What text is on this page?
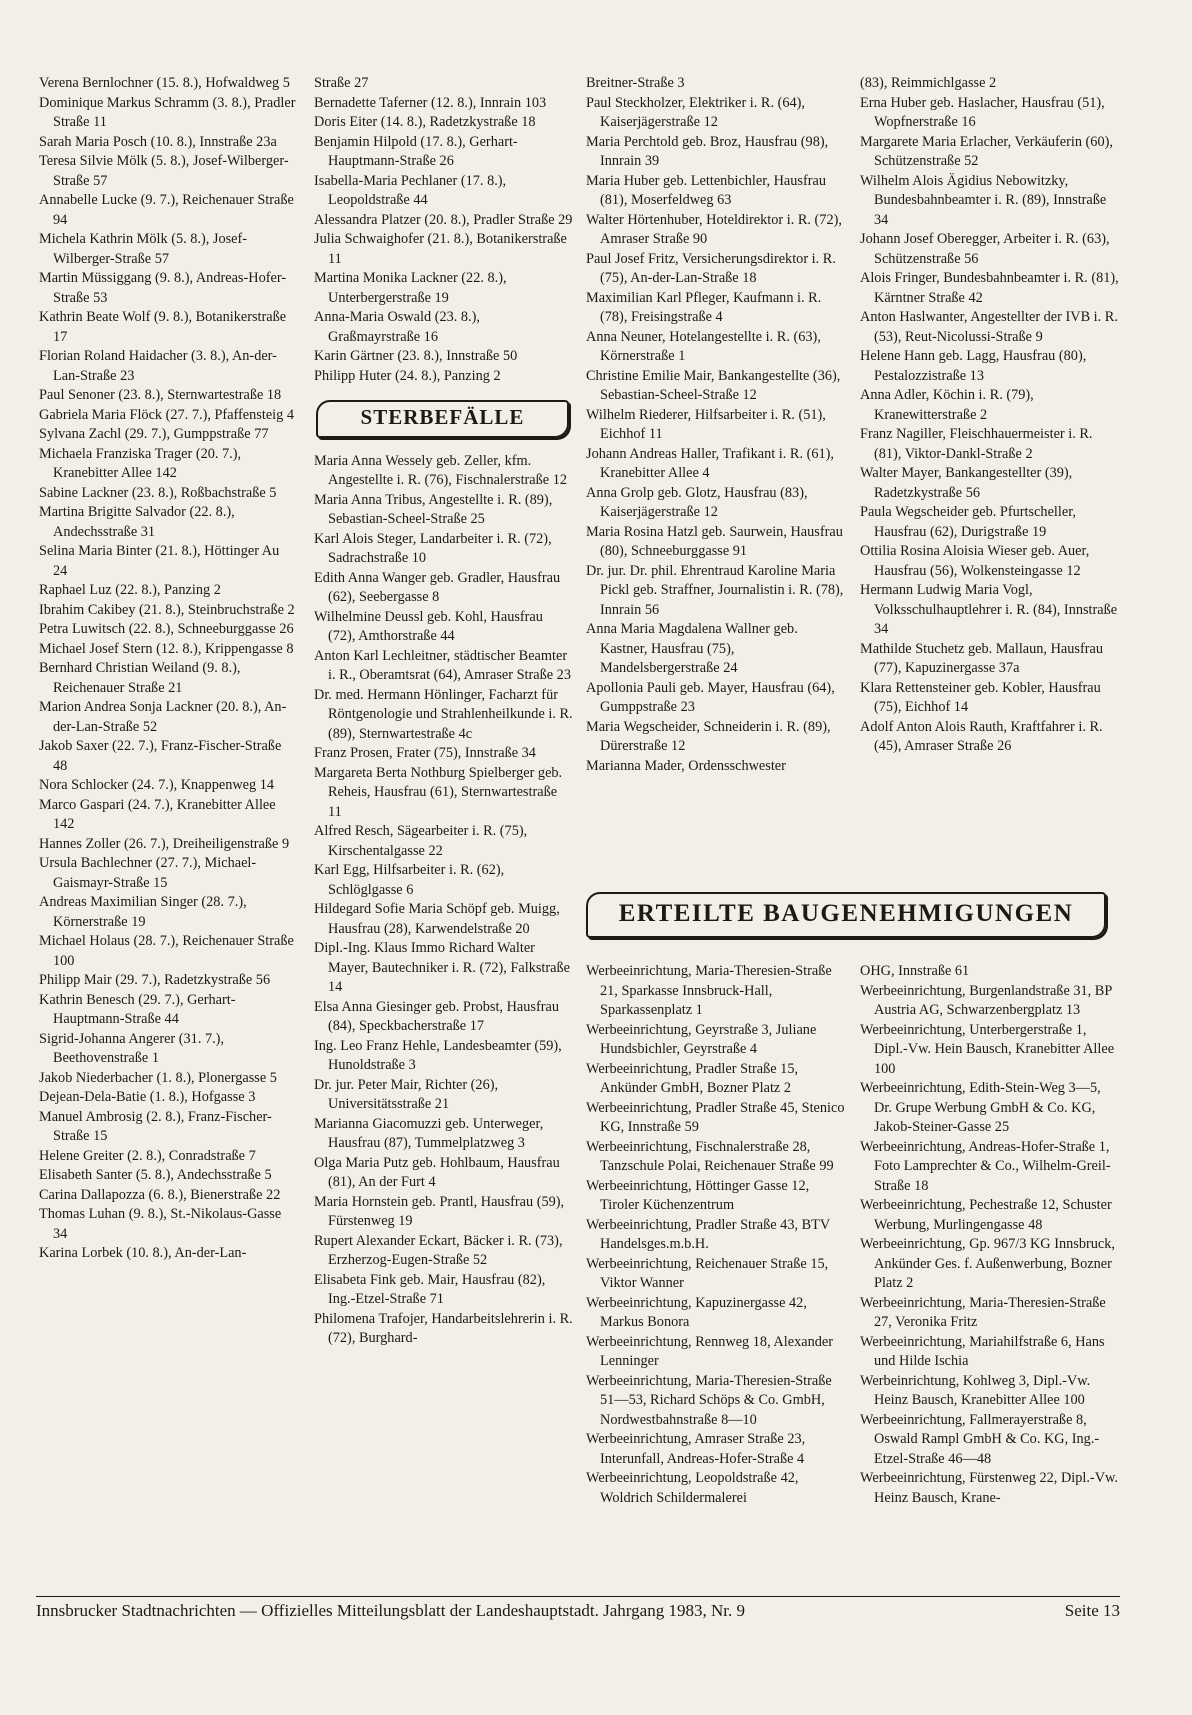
Verena Bernlochner (15. 8.), Hofwaldweg 5

Dominique Markus Schramm (3. 8.), Pradler Straße 11

Sarah Maria Posch (10. 8.), Innstraße 23a

Teresa Silvie Mölk (5. 8.), Josef-Wilberger-Straße 57

Annabelle Lucke (9. 7.), Reichenauer Straße 94

Michela Kathrin Mölk (5. 8.), Josef-Wilberger-Straße 57

Martin Müssiggang (9. 8.), Andreas-Hofer-Straße 53

Kathrin Beate Wolf (9. 8.), Botanikerstraße 17

Florian Roland Haidacher (3. 8.), An-der-Lan-Straße 23

Paul Senoner (23. 8.), Sternwartestraße 18

Gabriela Maria Flöck (27. 7.), Pfaffensteig 4

Sylvana Zachl (29. 7.), Gumppstraße 77

Michaela Franziska Trager (20. 7.), Kranebitter Allee 142

Sabine Lackner (23. 8.), Roßbachstraße 5

Martina Brigitte Salvador (22. 8.), Andechsstraße 31

Selina Maria Binter (21. 8.), Höttinger Au 24

Raphael Luz (22. 8.), Panzing 2

Ibrahim Cakibey (21. 8.), Steinbruchstraße 2

Petra Luwitsch (22. 8.), Schneeburggasse 26

Michael Josef Stern (12. 8.), Krippengasse 8

Bernhard Christian Weiland (9. 8.), Reichenauer Straße 21

Marion Andrea Sonja Lackner (20. 8.), An-der-Lan-Straße 52

Jakob Saxer (22. 7.), Franz-Fischer-Straße 48

Nora Schlocker (24. 7.), Knappenweg 14

Marco Gaspari (24. 7.), Kranebitter Allee 142

Hannes Zoller (26. 7.), Dreiheiligenstraße 9

Ursula Bachlechner (27. 7.), Michael-Gaismayr-Straße 15

Andreas Maximilian Singer (28. 7.), Körnerstraße 19

Michael Holaus (28. 7.), Reichenauer Straße 100

Philipp Mair (29. 7.), Radetzkystraße 56

Kathrin Benesch (29. 7.), Gerhart-Hauptmann-Straße 44

Sigrid-Johanna Angerer (31. 7.), Beethovenstraße 1

Jakob Niederbacher (1. 8.), Plonergasse 5

Dejean-Dela-Batie (1. 8.), Hofgasse 3

Manuel Ambrosig (2. 8.), Franz-Fischer-Straße 15

Helene Greiter (2. 8.), Conradstraße 7

Elisabeth Santer (5. 8.), Andechsstraße 5

Carina Dallapozza (6. 8.), Bienerstraße 22

Thomas Luhan (9. 8.), St.-Nikolaus-Gasse 34

Karina Lorbek (10. 8.), An-der-Lan-

Straße 27

Bernadette Taferner (12. 8.), Innrain 103

Doris Eiter (14. 8.), Radetzkystraße 18

Benjamin Hilpold (17. 8.), Gerhart-Hauptmann-Straße 26

Isabella-Maria Pechlaner (17. 8.), Leopoldstraße 44

Alessandra Platzer (20. 8.), Pradler Straße 29

Julia Schwaighofer (21. 8.), Botanikerstraße 11

Martina Monika Lackner (22. 8.), Unterbergerstraße 19

Anna-Maria Oswald (23. 8.), Graßmayrstraße 16

Karin Gärtner (23. 8.), Innstraße 50

Philipp Huter (24. 8.), Panzing 2

STERBEFÄLLE

Maria Anna Wessely geb. Zeller, kfm. Angestellte i. R. (76), Fischnalerstraße 12

Maria Anna Tribus, Angestellte i. R. (89), Sebastian-Scheel-Straße 25

Karl Alois Steger, Landarbeiter i. R. (72), Sadrachstraße 10

Edith Anna Wanger geb. Gradler, Hausfrau (62), Seebergasse 8

Wilhelmine Deussl geb. Kohl, Hausfrau (72), Amthorstraße 44

Anton Karl Lechleitner, städtischer Beamter i. R., Oberamtsrat (64), Amraser Straße 23

Dr. med. Hermann Hönlinger, Facharzt für Röntgenologie und Strahlenheilkunde i. R. (89), Sternwartestraße 4c

Franz Prosen, Frater (75), Innstraße 34

Margareta Berta Nothburg Spielberger geb. Reheis, Hausfrau (61), Sternwartestraße 11

Alfred Resch, Sägearbeiter i. R. (75), Kirschentalgasse 22

Karl Egg, Hilfsarbeiter i. R. (62), Schlöglgasse 6

Hildegard Sofie Maria Schöpf geb. Muigg, Hausfrau (28), Karwendelstraße 20

Dipl.-Ing. Klaus Immo Richard Walter Mayer, Bautechniker i. R. (72), Falkstraße 14

Elsa Anna Giesinger geb. Probst, Hausfrau (84), Speckbacherstraße 17

Ing. Leo Franz Hehle, Landesbeamter (59), Hunoldstraße 3

Dr. jur. Peter Mair, Richter (26), Universitätsstraße 21

Marianna Giacomuzzi geb. Unterweger, Hausfrau (87), Tummelplatzweg 3

Olga Maria Putz geb. Hohlbaum, Hausfrau (81), An der Furt 4

Maria Hornstein geb. Prantl, Hausfrau (59), Fürstenweg 19

Rupert Alexander Eckart, Bäcker i. R. (73), Erzherzog-Eugen-Straße 52

Elisabeta Fink geb. Mair, Hausfrau (82), Ing.-Etzel-Straße 71

Philomena Trafojer, Handarbeitslehrerin i. R. (72), Burghard-

Breitner-Straße 3

Paul Steckholzer, Elektriker i. R. (64), Kaiserjägerstraße 12

Maria Perchtold geb. Broz, Hausfrau (98), Innrain 39

Maria Huber geb. Lettenbichler, Hausfrau (81), Moserfeldweg 63

Walter Hörtenhuber, Hoteldirektor i. R. (72), Amraser Straße 90

Paul Josef Fritz, Versicherungsdirektor i. R. (75), An-der-Lan-Straße 18

Maximilian Karl Pfleger, Kaufmann i. R. (78), Freisingstraße 4

Anna Neuner, Hotelangestellte i. R. (63), Körnerstraße 1

Christine Emilie Mair, Bankangestellte (36), Sebastian-Scheel-Straße 12

Wilhelm Riederer, Hilfsarbeiter i. R. (51), Eichhof 11

Johann Andreas Haller, Trafikant i. R. (61), Kranebitter Allee 4

Anna Grolp geb. Glotz, Hausfrau (83), Kaiserjägerstraße 12

Maria Rosina Hatzl geb. Saurwein, Hausfrau (80), Schneeburggasse 91

Dr. jur. Dr. phil. Ehrentraud Karoline Maria Pickl geb. Straffner, Journalistin i. R. (78), Innrain 56

Anna Maria Magdalena Wallner geb. Kastner, Hausfrau (75), Mandelsbergerstraße 24

Apollonia Pauli geb. Mayer, Hausfrau (64), Gumppstraße 23

Maria Wegscheider, Schneiderin i. R. (89), Dürerstraße 12

Marianna Mader, Ordensschwester

(83), Reimmichlgasse 2

Erna Huber geb. Haslacher, Hausfrau (51), Wopfnerstraße 16

Margarete Maria Erlacher, Verkäuferin (60), Schützenstraße 52

Wilhelm Alois Ägidius Nebowitzky, Bundesbahnbeamter i. R. (89), Innstraße 34

Johann Josef Oberegger, Arbeiter i. R. (63), Schützenstraße 56

Alois Fringer, Bundesbahnbeamter i. R. (81), Kärntner Straße 42

Anton Haslwanter, Angestellter der IVB i. R. (53), Reut-Nicolussi-Straße 9

Helene Hann geb. Lagg, Hausfrau (80), Pestalozzistraße 13

Anna Adler, Köchin i. R. (79), Kranewitterstraße 2

Franz Nagiller, Fleischhauermeister i. R. (81), Viktor-Dankl-Straße 2

Walter Mayer, Bankangestellter (39), Radetzkystraße 56

Paula Wegscheider geb. Pfurtscheller, Hausfrau (62), Durigstraße 19

Ottilia Rosina Aloisia Wieser geb. Auer, Hausfrau (56), Wolkensteingasse 12

Hermann Ludwig Maria Vogl, Volksschulhauptlehrer i. R. (84), Innstraße 34

Mathilde Stuchetz geb. Mallaun, Hausfrau (77), Kapuzinergasse 37a

Klara Rettensteiner geb. Kobler, Hausfrau (75), Eichhof 14

Adolf Anton Alois Rauth, Kraftfahrer i. R. (45), Amraser Straße 26

ERTEILTE BAUGENEHMIGUNGEN

Werbeeinrichtung, Maria-Theresien-Straße 21, Sparkasse Innsbruck-Hall, Sparkassenplatz 1

Werbeeinrichtung, Geyrstraße 3, Juliane Hundsbichler, Geyrstraße 4

Werbeeinrichtung, Pradler Straße 15, Ankünder GmbH, Bozner Platz 2

Werbeeinrichtung, Pradler Straße 45, Stenico KG, Innstraße 59

Werbeeinrichtung, Fischnalerstraße 28, Tanzschule Polai, Reichenauer Straße 99

Werbeeinrichtung, Höttinger Gasse 12, Tiroler Küchenzentrum

Werbeeinrichtung, Pradler Straße 43, BTV Handelsges.m.b.H.

Werbeeinrichtung, Reichenauer Straße 15, Viktor Wanner

Werbeeinrichtung, Kapuzinergasse 42, Markus Bonora

Werbeeinrichtung, Rennweg 18, Alexander Lenninger

Werbeeinrichtung, Maria-Theresien-Straße 51—53, Richard Schöps & Co. GmbH, Nordwestbahnstraße 8—10

Werbeeinrichtung, Amraser Straße 23, Interunfall, Andreas-Hofer-Straße 4

Werbeeinrichtung, Leopoldstraße 42, Woldrich Schildermalerei

OHG, Innstraße 61

Werbeeinrichtung, Burgenlandstraße 31, BP Austria AG, Schwarzenbergplatz 13

Werbeeinrichtung, Unterbergerstraße 1, Dipl.-Vw. Hein Bausch, Kranebitter Allee 100

Werbeeinrichtung, Edith-Stein-Weg 3—5, Dr. Grupe Werbung GmbH & Co. KG, Jakob-Steiner-Gasse 25

Werbeeinrichtung, Andreas-Hofer-Straße 1, Foto Lamprechter & Co., Wilhelm-Greil-Straße 18

Werbeeinrichtung, Pechestraße 12, Schuster Werbung, Murlingengasse 48

Werbeeinrichtung, Gp. 967/3 KG Innsbruck, Ankünder Ges. f. Außenwerbung, Bozner Platz 2

Werbeeinrichtung, Maria-Theresien-Straße 27, Veronika Fritz

Werbeeinrichtung, Mariahilfstraße 6, Hans und Hilde Ischia

Werbeinrichtung, Kohlweg 3, Dipl.-Vw. Heinz Bausch, Kranebitter Allee 100

Werbeeinrichtung, Fallmerayerstraße 8, Oswald Rampl GmbH & Co. KG, Ing.-Etzel-Straße 46—48

Werbeeinrichtung, Fürstenweg 22, Dipl.-Vw. Heinz Bausch, Krane-

Innsbrucker Stadtnachrichten — Offizielles Mitteilungsblatt der Landeshauptstadt. Jahrgang 1983, Nr. 9	Seite 13
